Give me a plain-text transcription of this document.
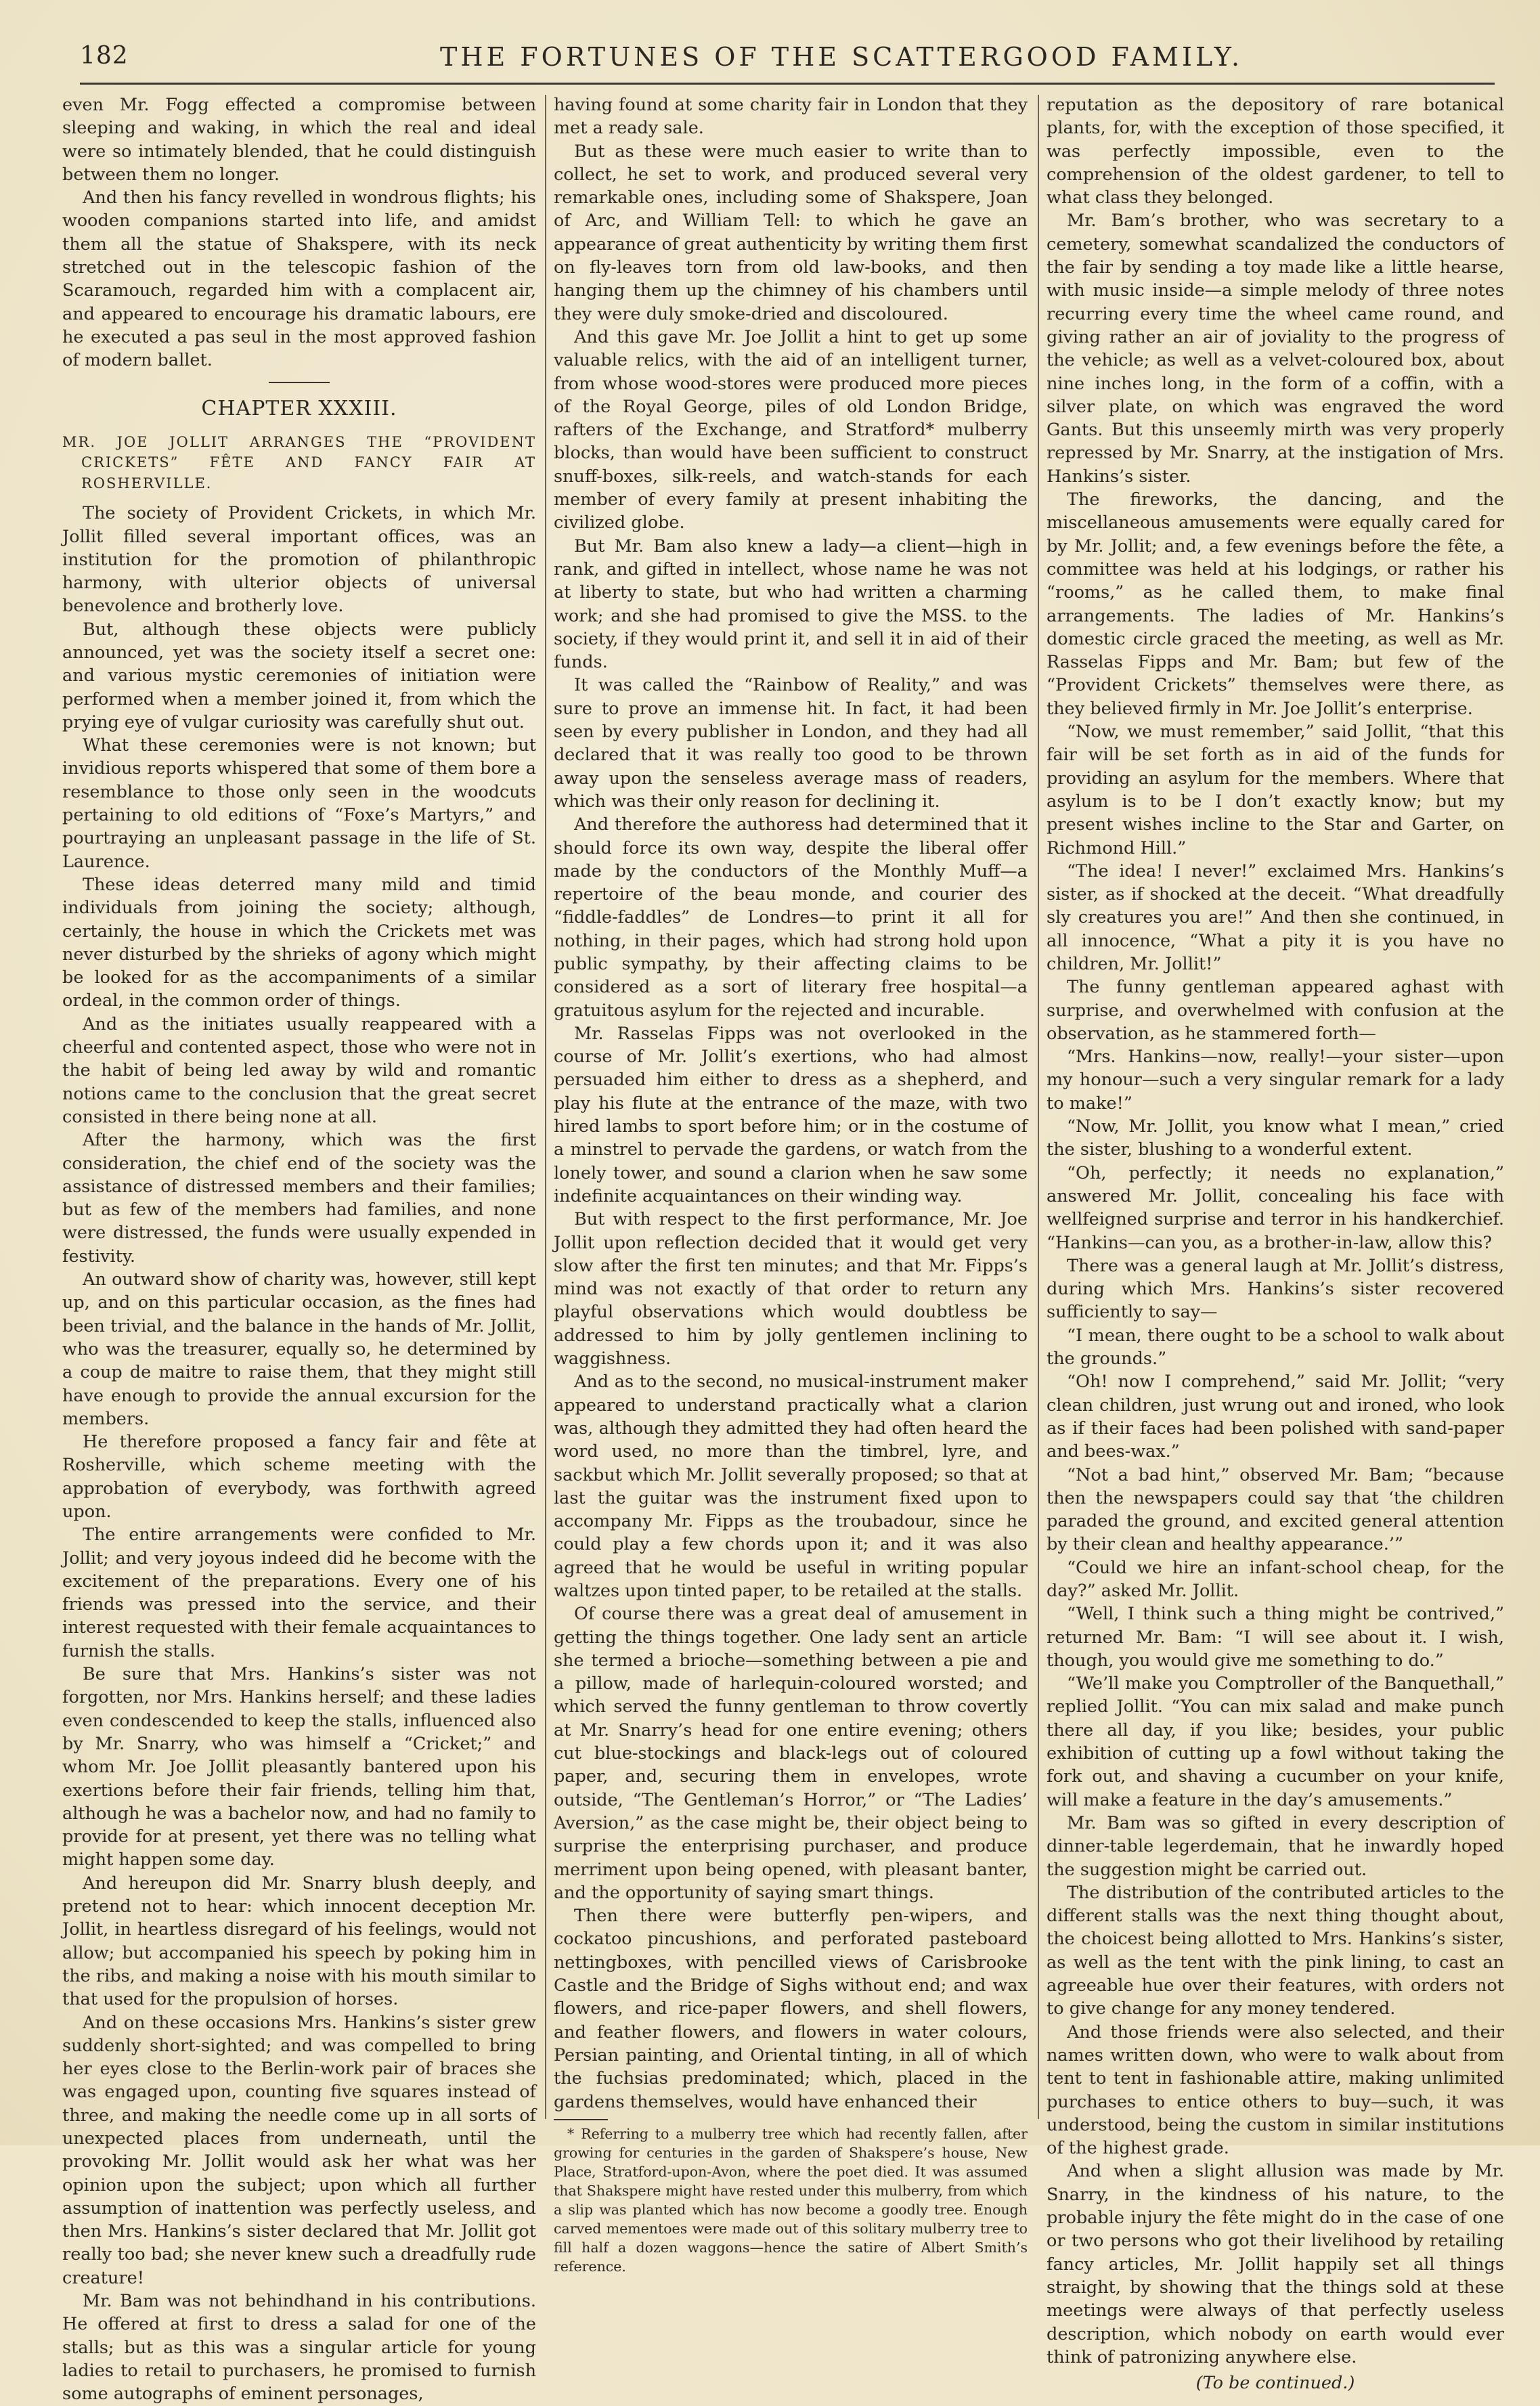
182	THE FORTUNES OF THE SCATTERGOOD FAMILY.

even Mr. Fogg effected a compromise between sleeping and waking, in which the real and ideal were so intimately blended, that he could distinguish between them no longer.

And then his fancy revelled in wondrous flights; his wooden companions started into life, and amidst them all the statue of Shakspere, with its neck stretched out in the telescopic fashion of the Scaramouch, regarded him with a complacent air, and appeared to encourage his dramatic labours, ere he executed a pas seul in the most approved fashion of modern ballet.

CHAPTER XXXIII.

MR. JOE JOLLIT ARRANGES THE “PROVIDENT CRICKETS” FÊTE AND FANCY FAIR AT ROSHERVILLE.

The society of Provident Crickets, in which Mr. Jollit filled several important offices, was an institution for the promotion of philanthropic harmony, with ulterior objects of universal benevolence and brotherly love.

But, although these objects were publicly announced, yet was the society itself a secret one: and various mystic ceremonies of initiation were performed when a member joined it, from which the prying eye of vulgar curiosity was carefully shut out.

What these ceremonies were is not known; but invidious reports whispered that some of them bore a resemblance to those only seen in the woodcuts pertaining to old editions of “Foxe’s Martyrs,” and pourtraying an unpleasant passage in the life of St. Laurence.

These ideas deterred many mild and timid individuals from joining the society; although, certainly, the house in which the Crickets met was never disturbed by the shrieks of agony which might be looked for as the accompaniments of a similar ordeal, in the common order of things.

And as the initiates usually reappeared with a cheerful and contented aspect, those who were not in the habit of being led away by wild and romantic notions came to the conclusion that the great secret consisted in there being none at all.

After the harmony, which was the first consideration, the chief end of the society was the assistance of distressed members and their families; but as few of the members had families, and none were distressed, the funds were usually expended in festivity.

An outward show of charity was, however, still kept up, and on this particular occasion, as the fines had been trivial, and the balance in the hands of Mr. Jollit, who was the treasurer, equally so, he determined by a coup de maitre to raise them, that they might still have enough to provide the annual excursion for the members.

He therefore proposed a fancy fair and fête at Rosherville, which scheme meeting with the approbation of everybody, was forthwith agreed upon.

The entire arrangements were confided to Mr. Jollit; and very joyous indeed did he become with the excitement of the preparations. Every one of his friends was pressed into the service, and their interest requested with their female acquaintances to furnish the stalls.

Be sure that Mrs. Hankins’s sister was not forgotten, nor Mrs. Hankins herself; and these ladies even condescended to keep the stalls, influenced also by Mr. Snarry, who was himself a “Cricket;” and whom Mr. Joe Jollit pleasantly bantered upon his exertions before their fair friends, telling him that, although he was a bachelor now, and had no family to provide for at present, yet there was no telling what might happen some day.

And hereupon did Mr. Snarry blush deeply, and pretend not to hear: which innocent deception Mr. Jollit, in heartless disregard of his feelings, would not allow; but accompanied his speech by poking him in the ribs, and making a noise with his mouth similar to that used for the propulsion of horses.

And on these occasions Mrs. Hankins’s sister grew suddenly short-sighted; and was compelled to bring her eyes close to the Berlin-work pair of braces she was engaged upon, counting five squares instead of three, and making the needle come up in all sorts of unexpected places from underneath, until the provoking Mr. Jollit would ask her what was her opinion upon the subject; upon which all further assumption of inattention was perfectly useless, and then Mrs. Hankins’s sister declared that Mr. Jollit got really too bad; she never knew such a dreadfully rude creature!

Mr. Bam was not behindhand in his contributions. He offered at first to dress a salad for one of the stalls; but as this was a singular article for young ladies to retail to purchasers, he promised to furnish some autographs of eminent personages,

having found at some charity fair in London that they met a ready sale.

But as these were much easier to write than to collect, he set to work, and produced several very remarkable ones, including some of Shakspere, Joan of Arc, and William Tell: to which he gave an appearance of great authenticity by writing them first on fly-leaves torn from old law-books, and then hanging them up the chimney of his chambers until they were duly smoke-dried and discoloured.

And this gave Mr. Joe Jollit a hint to get up some valuable relics, with the aid of an intelligent turner, from whose wood-stores were produced more pieces of the Royal George, piles of old London Bridge, rafters of the Exchange, and Stratford* mulberry blocks, than would have been sufficient to construct snuff-boxes, silk-reels, and watch-stands for each member of every family at present inhabiting the civilized globe.

But Mr. Bam also knew a lady—a client—high in rank, and gifted in intellect, whose name he was not at liberty to state, but who had written a charming work; and she had promised to give the MSS. to the society, if they would print it, and sell it in aid of their funds.

It was called the “Rainbow of Reality,” and was sure to prove an immense hit. In fact, it had been seen by every publisher in London, and they had all declared that it was really too good to be thrown away upon the senseless average mass of readers, which was their only reason for declining it.

And therefore the authoress had determined that it should force its own way, despite the liberal offer made by the conductors of the Monthly Muff—a repertoire of the beau monde, and courier des “fiddle-faddles” de Londres—to print it all for nothing, in their pages, which had strong hold upon public sympathy, by their affecting claims to be considered as a sort of literary free hospital—a gratuitous asylum for the rejected and incurable.

Mr. Rasselas Fipps was not overlooked in the course of Mr. Jollit’s exertions, who had almost persuaded him either to dress as a shepherd, and play his flute at the entrance of the maze, with two hired lambs to sport before him; or in the costume of a minstrel to pervade the gardens, or watch from the lonely tower, and sound a clarion when he saw some indefinite acquaintances on their winding way.

But with respect to the first performance, Mr. Joe Jollit upon reflection decided that it would get very slow after the first ten minutes; and that Mr. Fipps’s mind was not exactly of that order to return any playful observations which would doubtless be addressed to him by jolly gentlemen inclining to waggishness.

And as to the second, no musical-instrument maker appeared to understand practically what a clarion was, although they admitted they had often heard the word used, no more than the timbrel, lyre, and sackbut which Mr. Jollit severally proposed; so that at last the guitar was the instrument fixed upon to accompany Mr. Fipps as the troubadour, since he could play a few chords upon it; and it was also agreed that he would be useful in writing popular waltzes upon tinted paper, to be retailed at the stalls.

Of course there was a great deal of amusement in getting the things together. One lady sent an article she termed a brioche—something between a pie and a pillow, made of harlequin-coloured worsted; and which served the funny gentleman to throw covertly at Mr. Snarry’s head for one entire evening; others cut blue-stockings and black-legs out of coloured paper, and, securing them in envelopes, wrote outside, “The Gentleman’s Horror,” or “The Ladies’ Aversion,” as the case might be, their object being to surprise the enterprising purchaser, and produce merriment upon being opened, with pleasant banter, and the opportunity of saying smart things.

Then there were butterfly pen-wipers, and cockatoo pincushions, and perforated pasteboard nettingboxes, with pencilled views of Carisbrooke Castle and the Bridge of Sighs without end; and wax flowers, and rice-paper flowers, and shell flowers, and feather flowers, and flowers in water colours, Persian painting, and Oriental tinting, in all of which the fuchsias predominated; which, placed in the gardens themselves, would have enhanced their

* Referring to a mulberry tree which had recently fallen, after growing for centuries in the garden of Shakspere’s house, New Place, Stratford-upon-Avon, where the poet died. It was assumed that Shakspere might have rested under this mulberry, from which a slip was planted which has now become a goodly tree. Enough carved mementoes were made out of this solitary mulberry tree to fill half a dozen waggons—hence the satire of Albert Smith’s reference.

reputation as the depository of rare botanical plants, for, with the exception of those specified, it was perfectly impossible, even to the comprehension of the oldest gardener, to tell to what class they belonged.

Mr. Bam’s brother, who was secretary to a cemetery, somewhat scandalized the conductors of the fair by sending a toy made like a little hearse, with music inside—a simple melody of three notes recurring every time the wheel came round, and giving rather an air of joviality to the progress of the vehicle; as well as a velvet-coloured box, about nine inches long, in the form of a coffin, with a silver plate, on which was engraved the word Gants. But this unseemly mirth was very properly repressed by Mr. Snarry, at the instigation of Mrs. Hankins’s sister.

The fireworks, the dancing, and the miscellaneous amusements were equally cared for by Mr. Jollit; and, a few evenings before the fête, a committee was held at his lodgings, or rather his “rooms,” as he called them, to make final arrangements. The ladies of Mr. Hankins’s domestic circle graced the meeting, as well as Mr. Rasselas Fipps and Mr. Bam; but few of the “Provident Crickets” themselves were there, as they believed firmly in Mr. Joe Jollit’s enterprise.

“Now, we must remember,” said Jollit, “that this fair will be set forth as in aid of the funds for providing an asylum for the members. Where that asylum is to be I don’t exactly know; but my present wishes incline to the Star and Garter, on Richmond Hill.”

“The idea! I never!” exclaimed Mrs. Hankins’s sister, as if shocked at the deceit. “What dreadfully sly creatures you are!” And then she continued, in all innocence, “What a pity it is you have no children, Mr. Jollit!”

The funny gentleman appeared aghast with surprise, and overwhelmed with confusion at the observation, as he stammered forth—

“Mrs. Hankins—now, really!—your sister—upon my honour—such a very singular remark for a lady to make!”

“Now, Mr. Jollit, you know what I mean,” cried the sister, blushing to a wonderful extent.

“Oh, perfectly; it needs no explanation,” answered Mr. Jollit, concealing his face with wellfeigned surprise and terror in his handkerchief. “Hankins—can you, as a brother-in-law, allow this?

There was a general laugh at Mr. Jollit’s distress, during which Mrs. Hankins’s sister recovered sufficiently to say—

“I mean, there ought to be a school to walk about the grounds.”

“Oh! now I comprehend,” said Mr. Jollit; “very clean children, just wrung out and ironed, who look as if their faces had been polished with sand-paper and bees-wax.”

“Not a bad hint,” observed Mr. Bam; “because then the newspapers could say that ‘the children paraded the ground, and excited general attention by their clean and healthy appearance.’”

“Could we hire an infant-school cheap, for the day?” asked Mr. Jollit.

“Well, I think such a thing might be contrived,” returned Mr. Bam: “I will see about it. I wish, though, you would give me something to do.”

“We’ll make you Comptroller of the Banquethall,” replied Jollit. “You can mix salad and make punch there all day, if you like; besides, your public exhibition of cutting up a fowl without taking the fork out, and shaving a cucumber on your knife, will make a feature in the day’s amusements.”

Mr. Bam was so gifted in every description of dinner-table legerdemain, that he inwardly hoped the suggestion might be carried out.

The distribution of the contributed articles to the different stalls was the next thing thought about, the choicest being allotted to Mrs. Hankins’s sister, as well as the tent with the pink lining, to cast an agreeable hue over their features, with orders not to give change for any money tendered.

And those friends were also selected, and their names written down, who were to walk about from tent to tent in fashionable attire, making unlimited purchases to entice others to buy—such, it was understood, being the custom in similar institutions of the highest grade.

And when a slight allusion was made by Mr. Snarry, in the kindness of his nature, to the probable injury the fête might do in the case of one or two persons who got their livelihood by retailing fancy articles, Mr. Jollit happily set all things straight, by showing that the things sold at these meetings were always of that perfectly useless description, which nobody on earth would ever think of patronizing anywhere else.

(To be continued.)
